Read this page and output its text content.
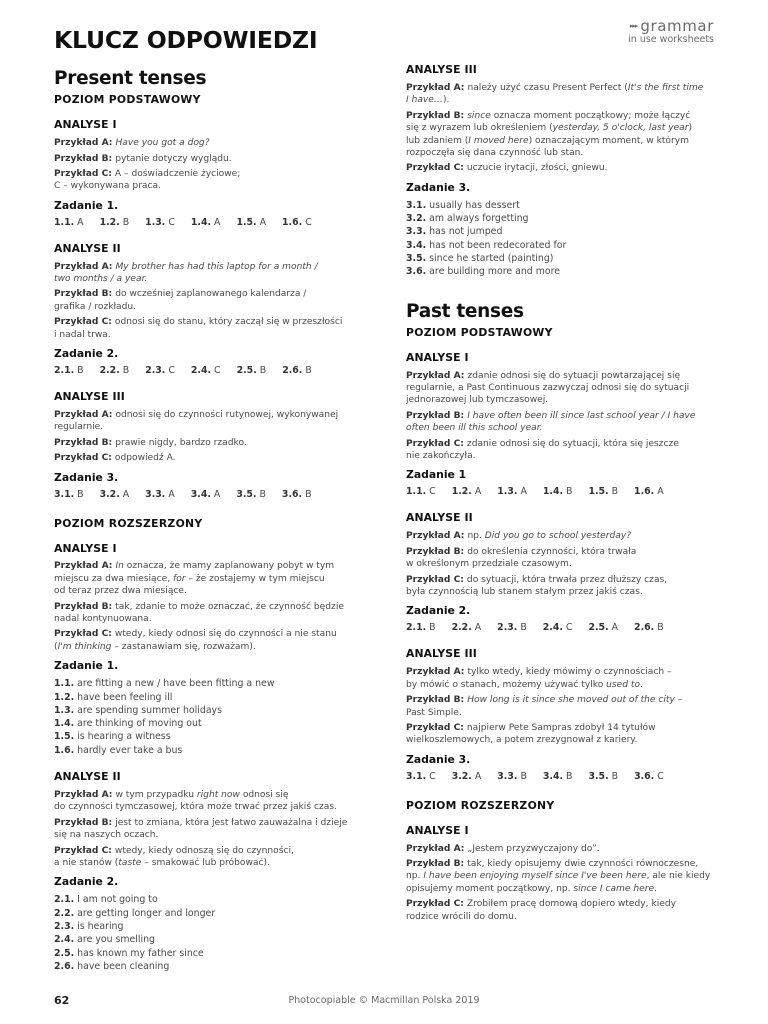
KLUCZ ODPOWIEDZI	▸▸▸ grammar
in use worksheets
Present tenses
POZIOM PODSTAWOWY
ANALYSE I
Przykład A: Have you got a dog?
Przykład B: pytanie dotyczy wyglądu.
Przykład C: A – doświadczenie życiowe;
C – wykonywana praca.
Zadanie 1.
1.1. A 1.2. B 1.3. C 1.4. A 1.5. A 1.6. C
ANALYSE II
Przykład A: My brother has had this laptop for a month /
two months / a year.
Przykład B: do wcześniej zaplanowanego kalendarza /
grafika / rozkładu.
Przykład C: odnosi się do stanu, który zaczął się w przeszłości
i nadal trwa.
Zadanie 2.
2.1. B 2.2. B 2.3. C 2.4. C 2.5. B 2.6. B
ANALYSE III
Przykład A: odnosi się do czynności rutynowej, wykonywanej
regularnie.
Przykład B: prawie nigdy, bardzo rzadko.
Przykład C: odpowiedź A.
Zadanie 3.
3.1. B 3.2. A 3.3. A 3.4. A 3.5. B 3.6. B
POZIOM ROZSZERZONY
ANALYSE I
Przykład A: In oznacza, że mamy zaplanowany pobyt w tym
miejscu za dwa miesiące, for – że zostajemy w tym miejscu
od teraz przez dwa miesiące.
Przykład B: tak, zdanie to może oznaczać, że czynność będzie
nadal kontynuowana.
Przykład C: wtedy, kiedy odnosi się do czynności a nie stanu
(I'm thinking – zastanawiam się, rozważam).
Zadanie 1.
1.1. are fitting a new / have been fitting a new
1.2. have been feeling ill
1.3. are spending summer holidays
1.4. are thinking of moving out
1.5. is hearing a witness
1.6. hardly ever take a bus
ANALYSE II
Przykład A: w tym przypadku right now odnosi się
do czynności tymczasowej, która może trwać przez jakiś czas.
Przykład B: jest to zmiana, która jest łatwo zauważalna i dzieje
się na naszych oczach.
Przykład C: wtedy, kiedy odnoszą się do czynności,
a nie stanów (taste – smakować lub próbować).
Zadanie 2.
2.1. I am not going to
2.2. are getting longer and longer
2.3. is hearing
2.4. are you smelling
2.5. has known my father since
2.6. have been cleaning
ANALYSE III
Przykład A: należy użyć czasu Present Perfect (It's the first time
I have…).
Przykład B: since oznacza moment początkowy; może łączyć
się z wyrazem lub określeniem (yesterday, 5 o'clock, last year)
lub zdaniem (I moved here) oznaczającym moment, w którym
rozpoczęła się dana czynność lub stan.
Przykład C: uczucie irytacji, złości, gniewu.
Zadanie 3.
3.1. usually has dessert
3.2. am always forgetting
3.3. has not jumped
3.4. has not been redecorated for
3.5. since he started (painting)
3.6. are building more and more
Past tenses
POZIOM PODSTAWOWY
ANALYSE I
Przykład A: zdanie odnosi się do sytuacji powtarzającej się
regularnie, a Past Continuous zazwyczaj odnosi się do sytuacji
jednorazowej lub tymczasowej.
Przykład B: I have often been ill since last school year / I have
often been ill this school year.
Przykład C: zdanie odnosi się do sytuacji, która się jeszcze
nie zakończyła.
Zadanie 1
1.1. C 1.2. A 1.3. A 1.4. B 1.5. B 1.6. A
ANALYSE II
Przykład A: np. Did you go to school yesterday?
Przykład B: do określenia czynności, która trwała
w określonym przedziale czasowym.
Przykład C: do sytuacji, która trwała przez dłuższy czas,
była czynnością lub stanem stałym przez jakiś czas.
Zadanie 2.
2.1. B 2.2. A 2.3. B 2.4. C 2.5. A 2.6. B
ANALYSE III
Przykład A: tylko wtedy, kiedy mówimy o czynnościach –
by mówić o stanach, możemy używać tylko used to.
Przykład B: How long is it since she moved out of the city –
Past Simple.
Przykład C: najpierw Pete Sampras zdobył 14 tytułów
wielkoszlemowych, a potem zrezygnował z kariery.
Zadanie 3.
3.1. C 3.2. A 3.3. B 3.4. B 3.5. B 3.6. C
POZIOM ROZSZERZONY
ANALYSE I
Przykład A: „Jestem przyzwyczajony do”.
Przykład B: tak, kiedy opisujemy dwie czynności równoczesne,
np. I have been enjoying myself since I've been here, ale nie kiedy
opisujemy moment początkowy, np. since I came here.
Przykład C: Zrobiłem pracę domową dopiero wtedy, kiedy
rodzice wrócili do domu.
62	Photocopiable © Macmillan Polska 2019
